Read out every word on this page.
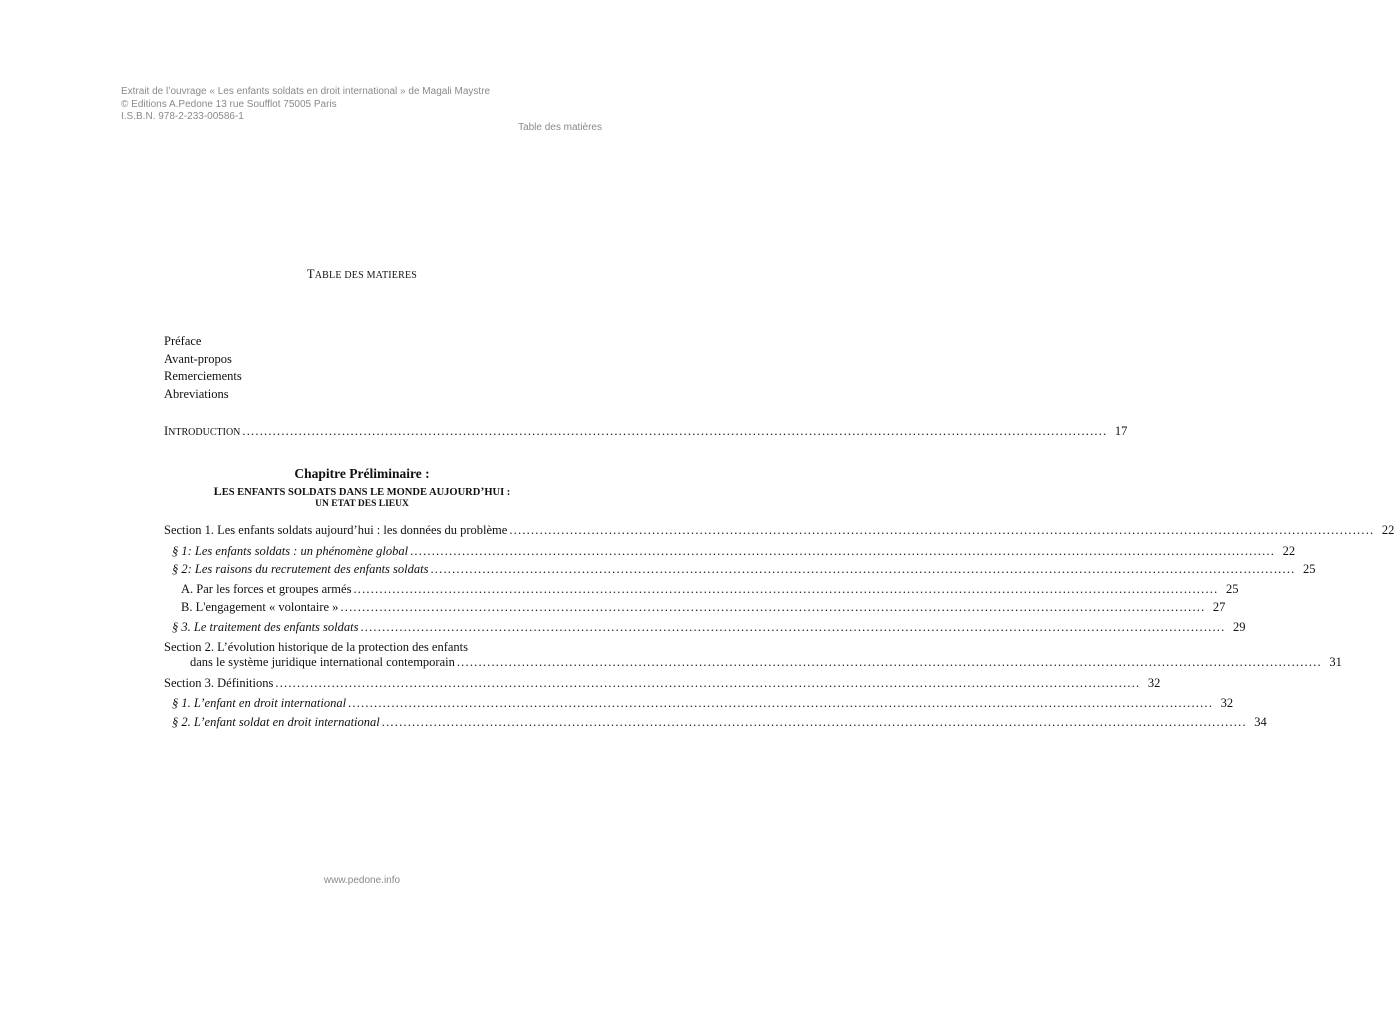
Extrait de l’ouvrage « Les enfants soldats en droit international » de Magali Maystre
© Editions A.Pedone 13 rue Soufflot 75005 Paris
I.S.B.N. 978-2-233-00586-1
Table des matières
TABLE DES MATIERES
Préface
Avant-propos
Remerciements
Abreviations
INTRODUCTION ........................................................................................................................................................................................................ 17
Chapitre Préliminaire :
LES ENFANTS SOLDATS DANS LE MONDE AUJOURD’HUI :
UN ETAT DES LIEUX
Section 1. Les enfants soldats aujourd’hui : les données du problème ........................................................................................................................................................................................................ 22
§ 1: Les enfants soldats : un phénomène global ........................................................................................................................................................................................................ 22
§ 2: Les raisons du recrutement des enfants soldats ........................................................................................................................................................................................................ 25
A. Par les forces et groupes armés ........................................................................................................................................................................................................ 25
B. L'engagement « volontaire » ........................................................................................................................................................................................................ 27
§ 3. Le traitement des enfants soldats ........................................................................................................................................................................................................ 29
Section 2. L’évolution historique de la protection des enfants
dans le système juridique international contemporain ........................................................................................................................................................................................................ 31
Section 3. Définitions ........................................................................................................................................................................................................ 32
§ 1. L’enfant en droit international ........................................................................................................................................................................................................ 32
§ 2. L’enfant soldat en droit international ........................................................................................................................................................................................................ 34
www.pedone.info
